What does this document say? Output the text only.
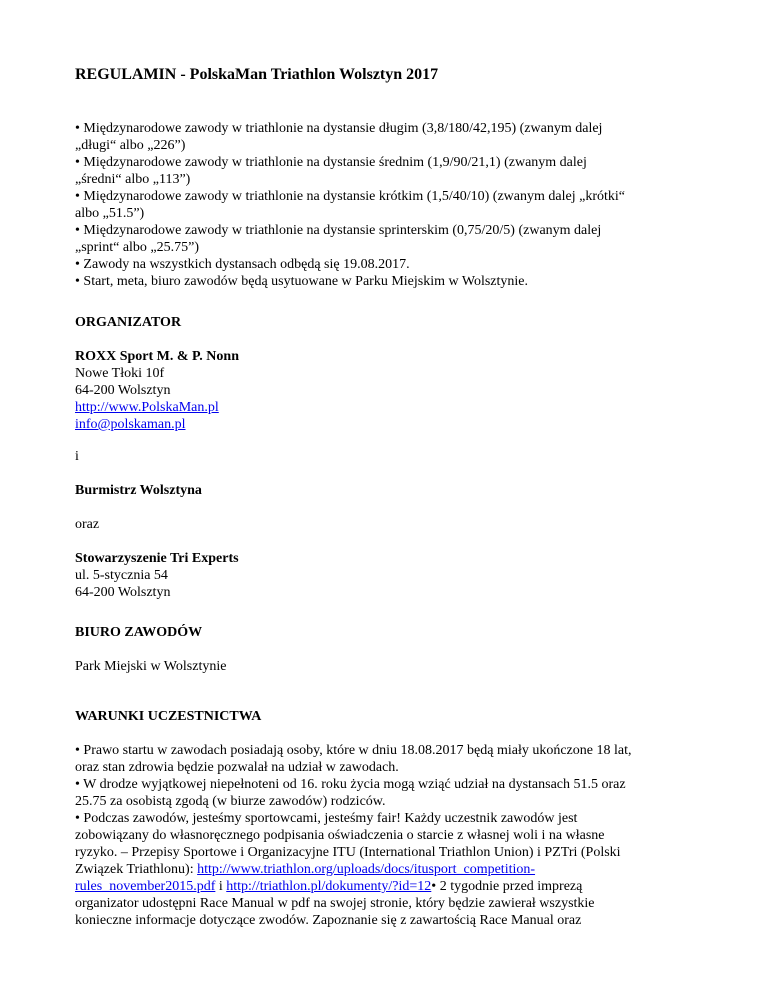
REGULAMIN - PolskaMan Triathlon Wolsztyn 2017
• Międzynarodowe zawody w triathlonie na dystansie długim (3,8/180/42,195) (zwanym dalej
„długi“ albo „226”)
• Międzynarodowe zawody w triathlonie na dystansie średnim (1,9/90/21,1) (zwanym dalej
„średni“ albo „113”)
• Międzynarodowe zawody w triathlonie na dystansie krótkim (1,5/40/10) (zwanym dalej „krótki“
albo „51.5”)
• Międzynarodowe zawody w triathlonie na dystansie sprinterskim (0,75/20/5) (zwanym dalej
„sprint“ albo „25.75”)
• Zawody na wszystkich dystansach odbędą się 19.08.2017.
• Start, meta, biuro zawodów będą usytuowane w Parku Miejskim w Wolsztynie.
ORGANIZATOR
ROXX Sport M. & P. Nonn
Nowe Tłoki 10f
64-200 Wolsztyn
http://www.PolskaMan.pl
info@polskaman.pl
i
Burmistrz Wolsztyna
oraz
Stowarzyszenie Tri Experts
ul. 5-stycznia 54
64-200 Wolsztyn
BIURO ZAWODÓW
Park Miejski w Wolsztynie
WARUNKI UCZESTNICTWA
• Prawo startu w zawodach posiadają osoby, które w dniu 18.08.2017 będą miały ukończone 18 lat,
oraz stan zdrowia będzie pozwalał na udział w zawodach.
• W drodze wyjątkowej niepełnoteni od 16. roku życia mogą wziąć udział na dystansach 51.5 oraz
25.75 za osobistą zgodą (w biurze zawodów) rodziców.
• Podczas zawodów, jesteśmy sportowcami, jesteśmy fair! Każdy uczestnik zawodów jest
zobowiązany do własnoręcznego podpisania oświadczenia o starcie z własnej woli i na własne
ryzyko. – Przepisy Sportowe i Organizacyjne ITU (International Triathlon Union) i PZTri (Polski
Związek Triathlonu): http://www.triathlon.org/uploads/docs/itusport_competition-
rules_november2015.pdf i http://triathlon.pl/dokumenty/?id=12• 2 tygodnie przed imprezą
organizator udostępni Race Manual w pdf na swojej stronie, który będzie zawierał wszystkie
konieczne informacje dotyczące zwodów. Zapoznanie się z zawartością Race Manual oraz
